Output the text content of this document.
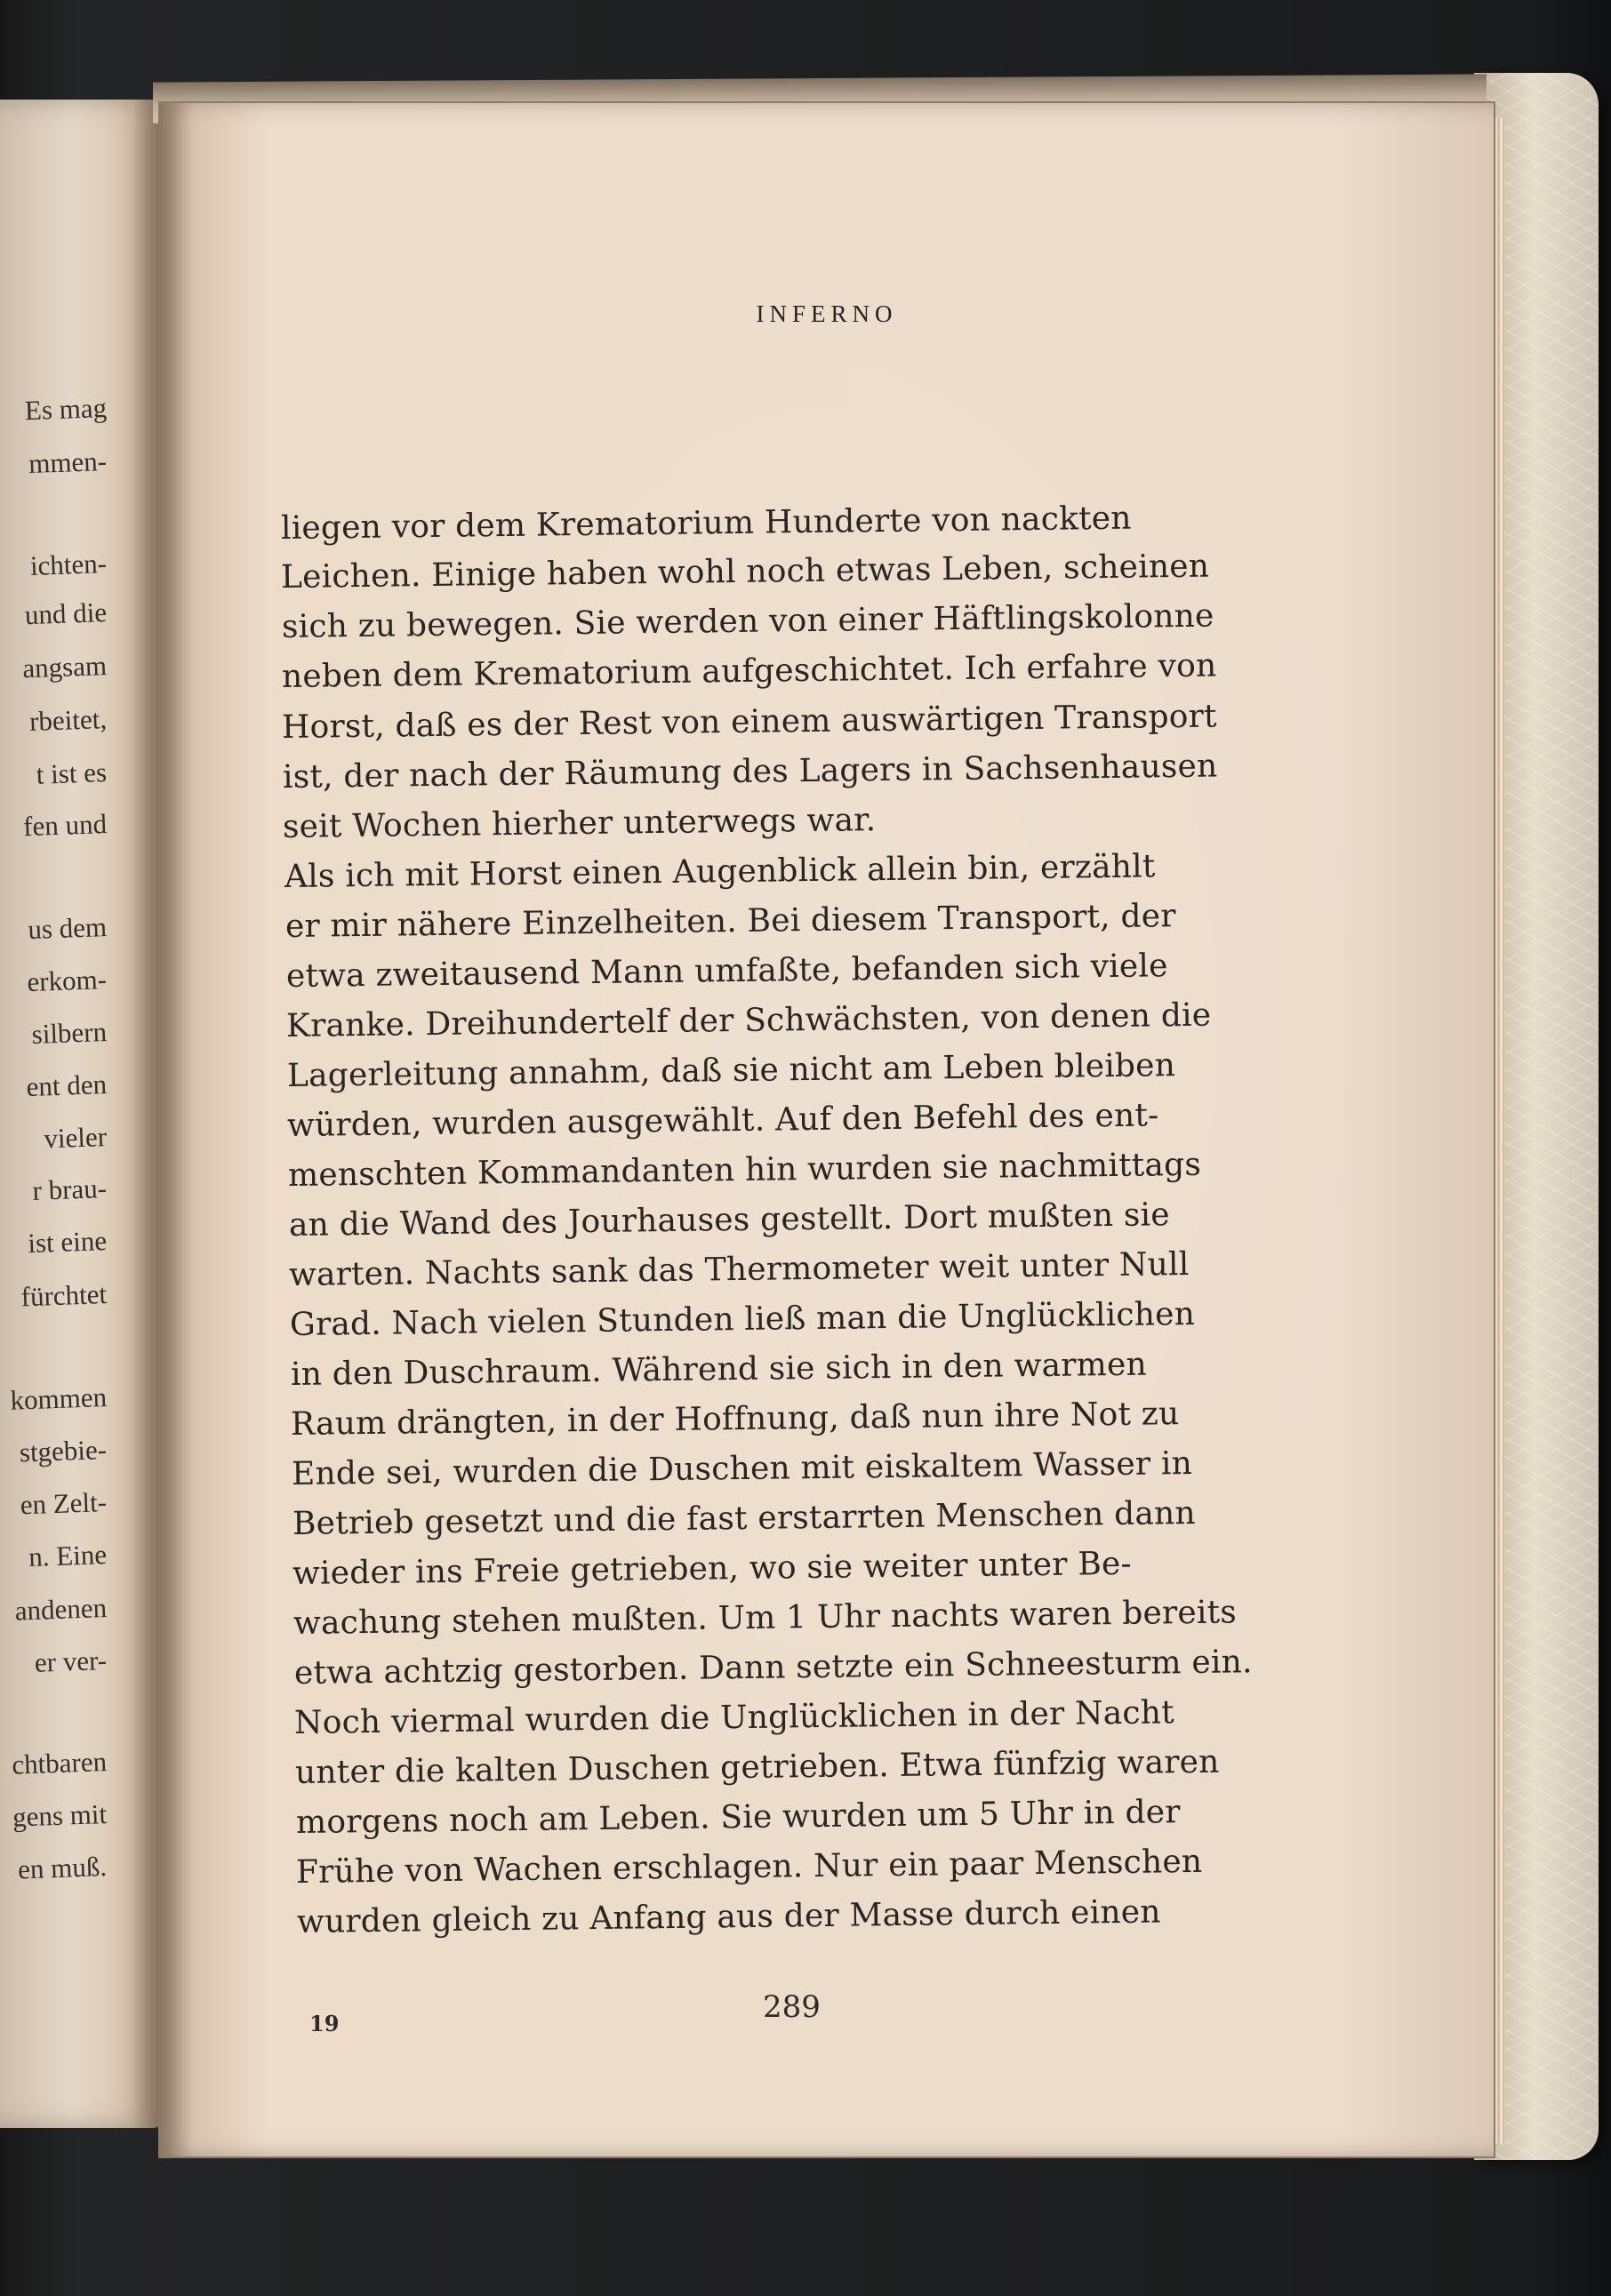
Es mag
mmen-
ichten-
und die
angsam
rbeitet,
t ist es
fen und
us dem
erkom-
silbern
ent den
vieler
r brau-
ist eine
fürchtet
kommen
stgebie-
en Zelt-
n. Eine
andenen
er ver-
chtbaren
gens mit
en muß.
INFERNO
liegen vor dem Krematorium Hunderte von nackten
Leichen. Einige haben wohl noch etwas Leben, scheinen
sich zu bewegen. Sie werden von einer Häftlingskolonne
neben dem Krematorium aufgeschichtet. Ich erfahre von
Horst, daß es der Rest von einem auswärtigen Transport
ist, der nach der Räumung des Lagers in Sachsenhausen
seit Wochen hierher unterwegs war.
Als ich mit Horst einen Augenblick allein bin, erzählt
er mir nähere Einzelheiten. Bei diesem Transport, der
etwa zweitausend Mann umfaßte, befanden sich viele
Kranke. Dreihundertelf der Schwächsten, von denen die
Lagerleitung annahm, daß sie nicht am Leben bleiben
würden, wurden ausgewählt. Auf den Befehl des ent-
menschten Kommandanten hin wurden sie nachmittags
an die Wand des Jourhauses gestellt. Dort mußten sie
warten. Nachts sank das Thermometer weit unter Null
Grad. Nach vielen Stunden ließ man die Unglücklichen
in den Duschraum. Während sie sich in den warmen
Raum drängten, in der Hoffnung, daß nun ihre Not zu
Ende sei, wurden die Duschen mit eiskaltem Wasser in
Betrieb gesetzt und die fast erstarrten Menschen dann
wieder ins Freie getrieben, wo sie weiter unter Be-
wachung stehen mußten. Um 1 Uhr nachts waren bereits
etwa achtzig gestorben. Dann setzte ein Schneesturm ein.
Noch viermal wurden die Unglücklichen in der Nacht
unter die kalten Duschen getrieben. Etwa fünfzig waren
morgens noch am Leben. Sie wurden um 5 Uhr in der
Frühe von Wachen erschlagen. Nur ein paar Menschen
wurden gleich zu Anfang aus der Masse durch einen
19	289
